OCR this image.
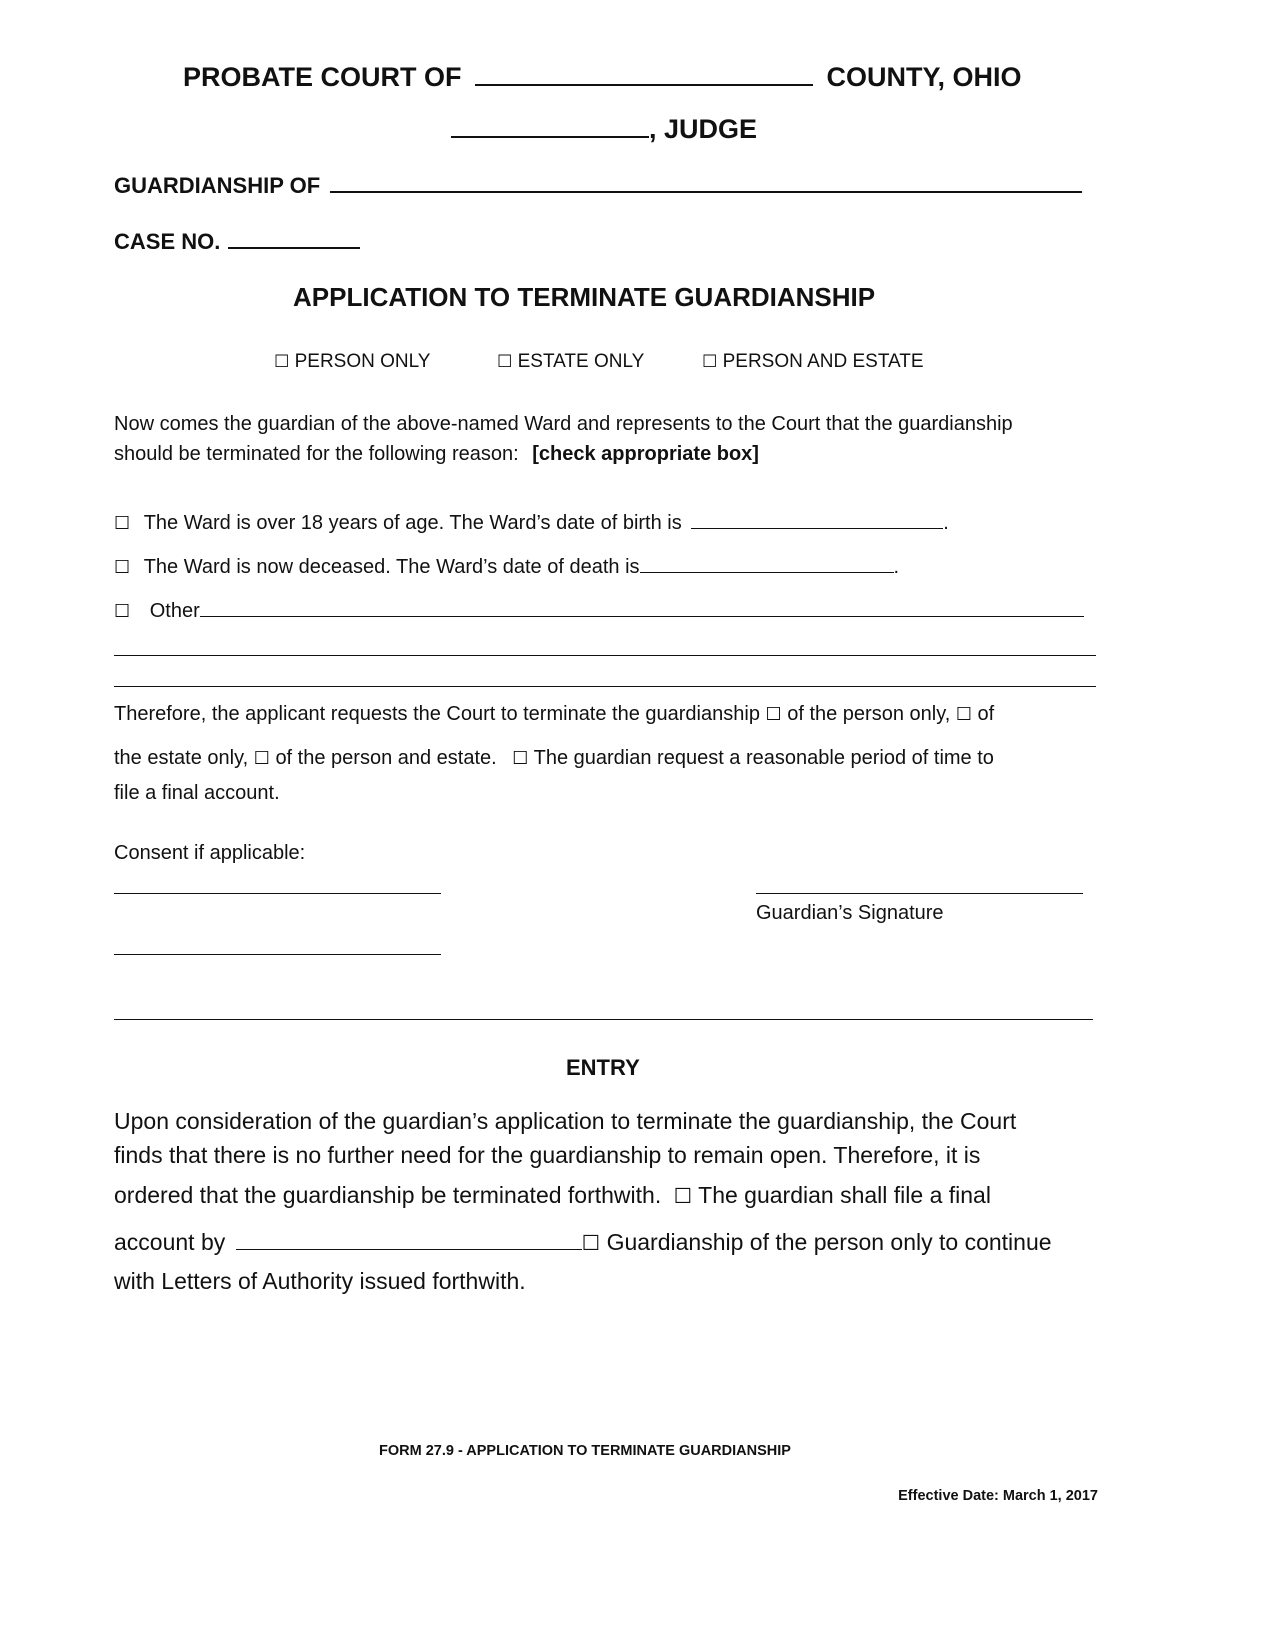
PROBATE COURT OF	COUNTY, OHIO
, JUDGE
GUARDIANSHIP OF
CASE NO.
APPLICATION TO TERMINATE GUARDIANSHIP
☐ PERSON ONLY	☐ ESTATE ONLY	☐ PERSON AND ESTATE
Now comes the guardian of the above-named Ward and represents to the Court that the guardianship
should be terminated for the following reason: [check appropriate box]
☐ The Ward is over 18 years of age. The Ward’s date of birth is	.
☐ The Ward is now deceased. The Ward’s date of death is	.
☐ Other
Therefore, the applicant requests the Court to terminate the guardianship ☐ of the person only, ☐ of
the estate only, ☐ of the person and estate. ☐ The guardian request a reasonable period of time to
file a final account.
Consent if applicable:
Guardian’s Signature
ENTRY
Upon consideration of the guardian’s application to terminate the guardianship, the Court
finds that there is no further need for the guardianship to remain open. Therefore, it is
ordered that the guardianship be terminated forthwith. ☐ The guardian shall file a final
account by	☐ Guardianship of the person only to continue
with Letters of Authority issued forthwith.
FORM 27.9 - APPLICATION TO TERMINATE GUARDIANSHIP
Effective Date: March 1, 2017
